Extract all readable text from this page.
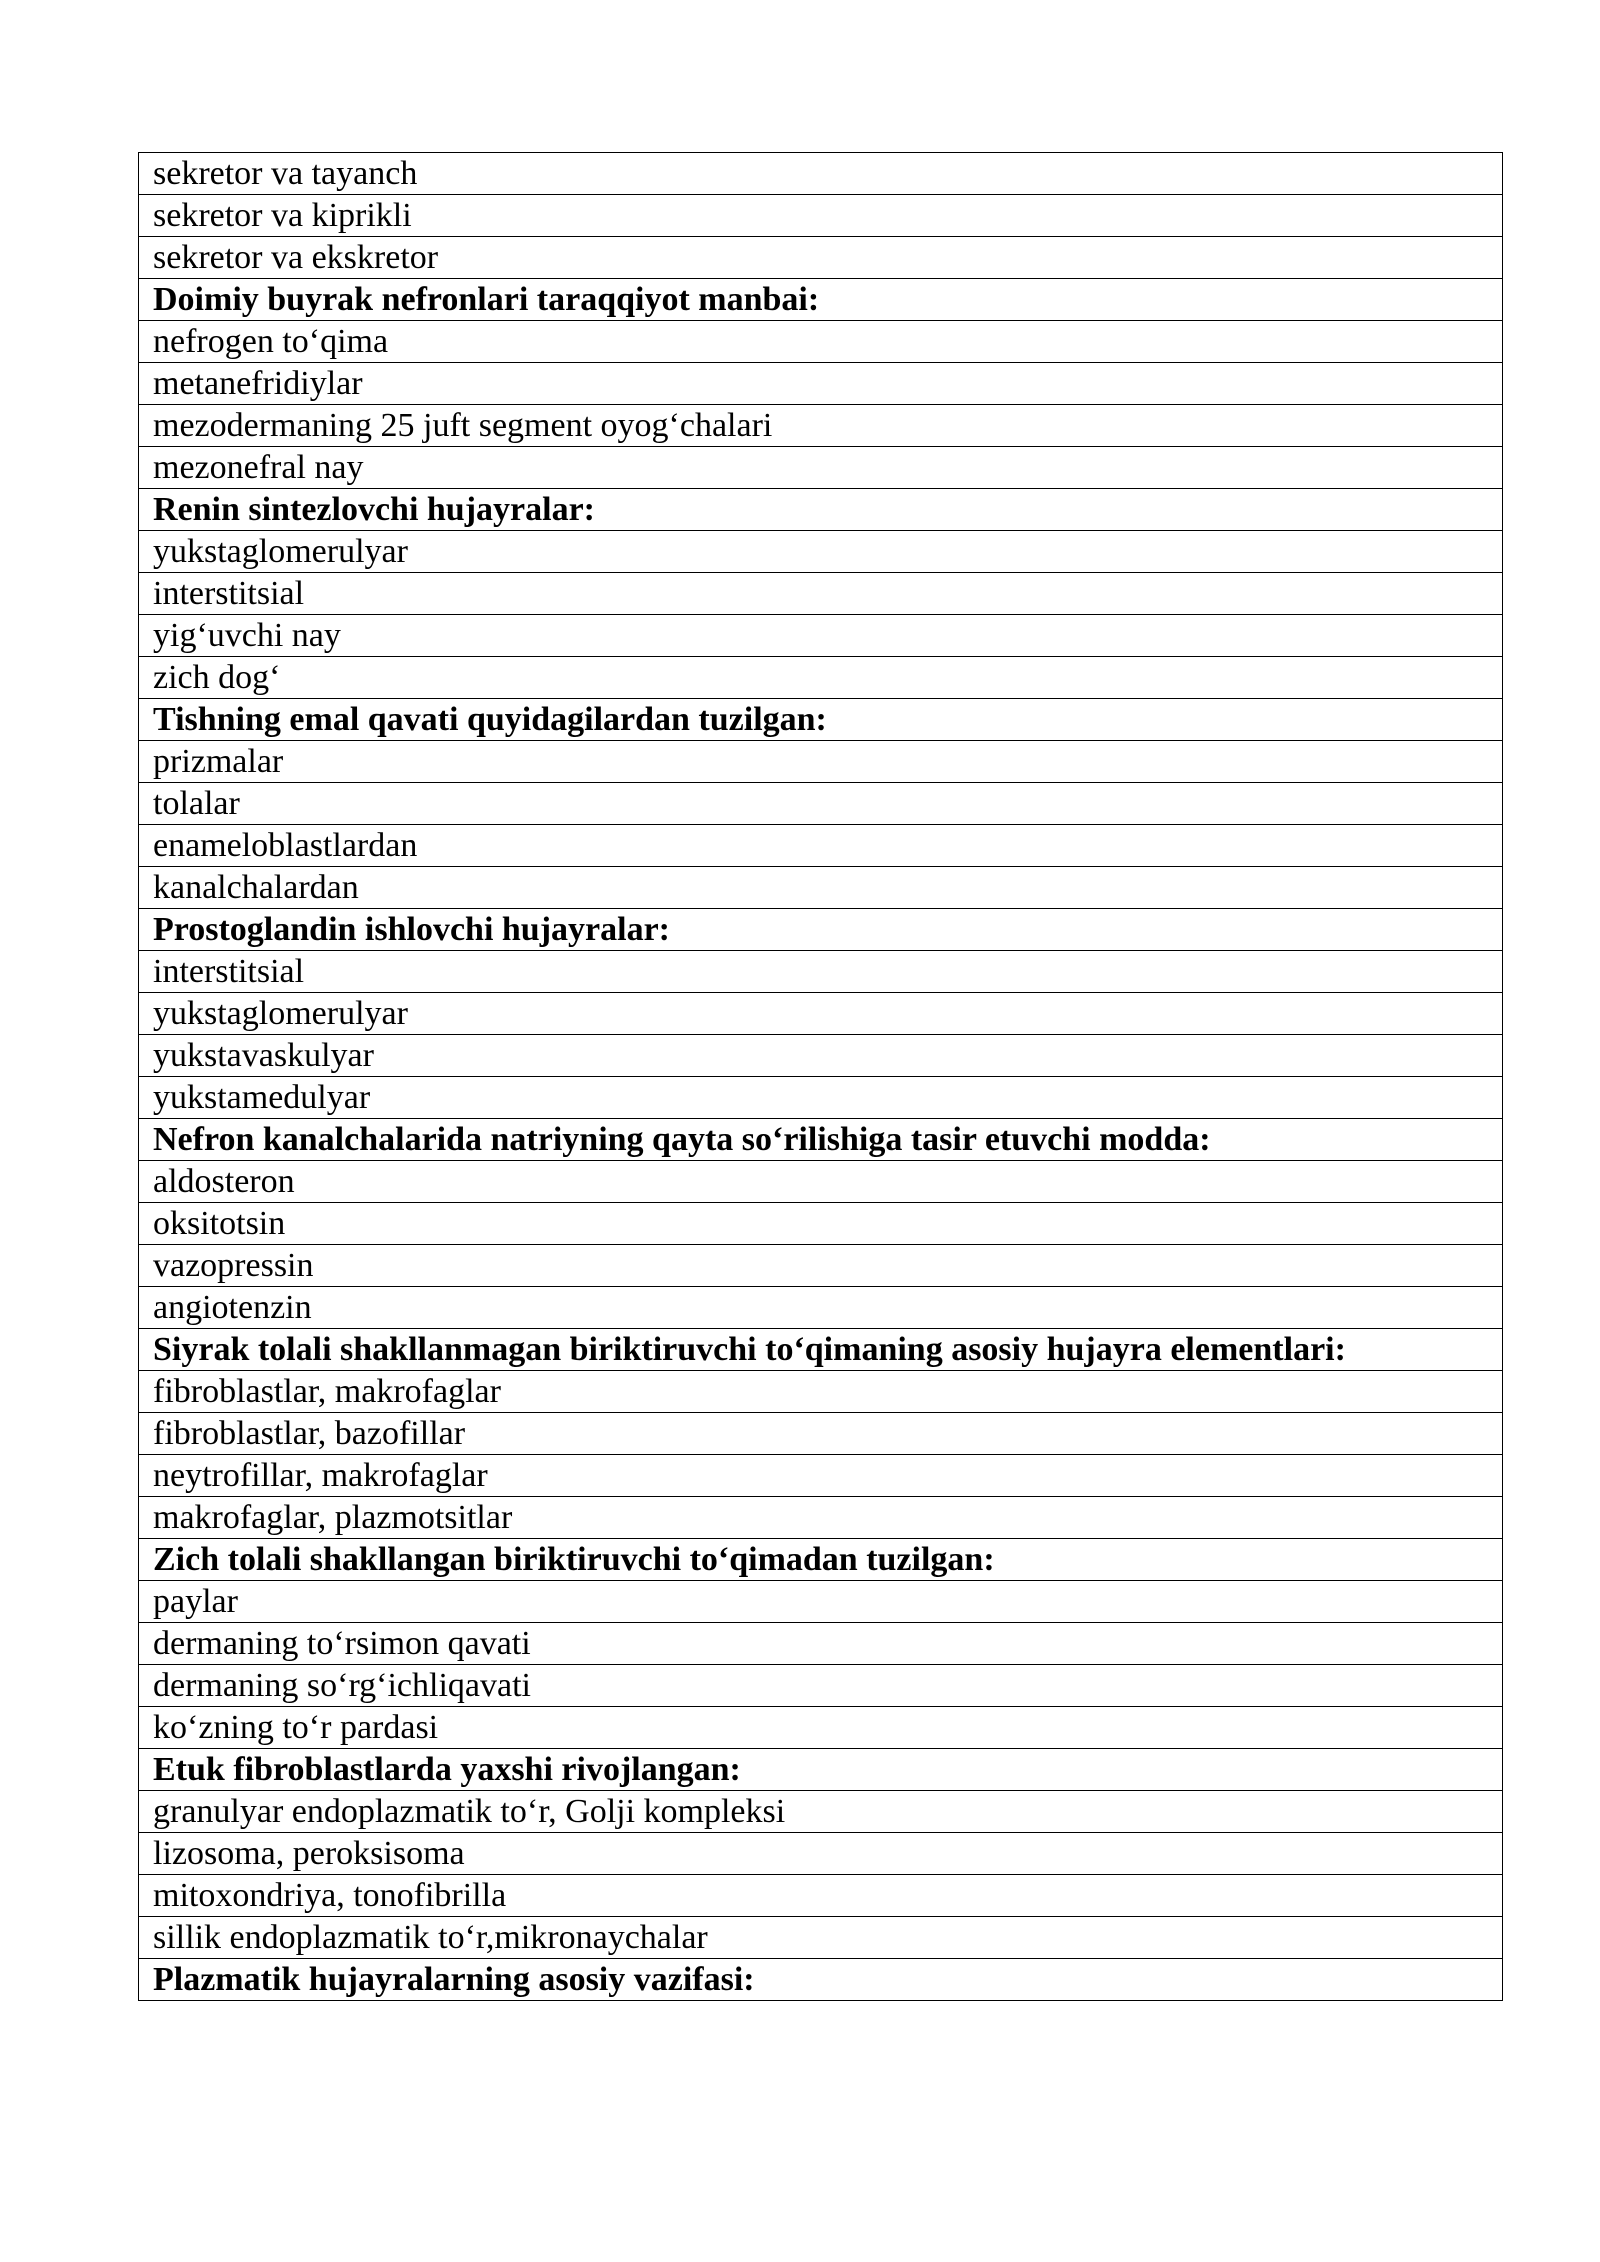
sekretor va tayanch
sekretor va kiprikli
sekretor va ekskretor
Doimiy buyrak nefronlari taraqqiyot manbai:
nefrogen to‘qima
metanefridiylar
mezodermaning 25 juft segment oyog‘chalari
mezonefral nay
Renin sintezlovchi hujayralar:
yukstaglomerulyar
interstitsial
yig‘uvchi nay
zich dog‘
Tishning emal qavati quyidagilardan tuzilgan:
prizmalar
tolalar
enameloblastlardan
kanalchalardan
Prostoglandin ishlovchi hujayralar:
interstitsial
yukstaglomerulyar
yukstavaskulyar
yukstamedulyar
Nefron kanalchalarida natriyning qayta so‘rilishiga tasir etuvchi modda:
aldosteron
oksitotsin
vazopressin
angiotenzin
Siyrak tolali shakllanmagan biriktiruvchi to‘qimaning asosiy hujayra elementlari:
fibroblastlar, makrofaglar
fibroblastlar, bazofillar
neytrofillar, makrofaglar
makrofaglar, plazmotsitlar
Zich tolali shakllangan biriktiruvchi to‘qimadan tuzilgan:
paylar
dermaning to‘rsimon qavati
dermaning so‘rg‘ichliqavati
ko‘zning to‘r pardasi
Etuk fibroblastlarda yaxshi rivojlangan:
granulyar endoplazmatik to‘r, Golji kompleksi
lizosoma, peroksisoma
mitoxondriya, tonofibrilla
sillik endoplazmatik to‘r,mikronaychalar
Plazmatik hujayralarning asosiy vazifasi:
